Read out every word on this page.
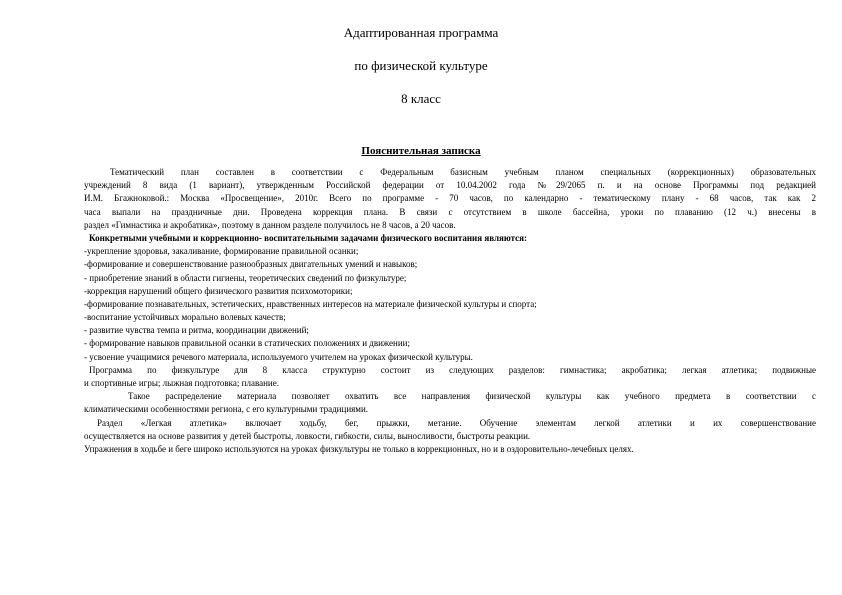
Адаптированная программа
по физической культуре
8 класс
Пояснительная записка
Тематический план составлен в соответствии с Федеральным базисным учебным планом специальных (коррекционных) образовательных
учреждений 8 вида (1 вариант), утвержденным Российской федерации от 10.04.2002 года №29/2065 п. и на основе Программы под редакцией
И.М. Бгажноковой.: Москва «Просвещение», 2010г. Всего по программе - 70 часов, по календарно - тематическому плану - 68 часов, так как 2
часа выпали на праздничные дни. Проведена коррекция плана. В связи с отсутствием в школе бассейна, уроки по плаванию (12 ч.) внесены в
раздел «Гимнастика и акробатика», поэтому в данном разделе получилось не 8 часов, а 20 часов.
Конкретными учебными и коррекционно- воспитательными задачами физического воспитания являются:
-укрепление здоровья, закаливание, формирование правильной осанки;
-формирование и совершенствование разнообразных двигательных умений и навыков;
- приобретение знаний в области гигиены, теоретических сведений по физкультуре;
-коррекция нарушений общего физического развития психомоторики;
-формирование познавательных, эстетических, нравственных интересов на материале физической культуры и спорта;
-воспитание устойчивых морально волевых качеств;
- развитие чувства темпа и ритма, координации движений;
- формирование навыков правильной осанки в статических положениях и движении;
- усвоение учащимися речевого материала, используемого учителем на уроках физической культуры.
Программа по физкультуре для 8 класса структурно состоит из следующих разделов: гимнастика; акробатика; легкая атлетика; подвижные
и спортивные игры; лыжная подготовка; плавание.
Такое распределение материала позволяет охватить все направления физической культуры как учебного предмета в соответствии с
климатическими особенностями региона, с его культурными традициями.
Раздел «Легкая атлетика» включает ходьбу, бег, прыжки, метание. Обучение элементам легкой атлетики и их совершенствование
осуществляется на основе развития у детей быстроты, ловкости, гибкости, силы, выносливости, быстроты реакции.
Упражнения в ходьбе и беге широко используются на уроках физкультуры не только в коррекционных, но и в оздоровительно-лечебных целях.
